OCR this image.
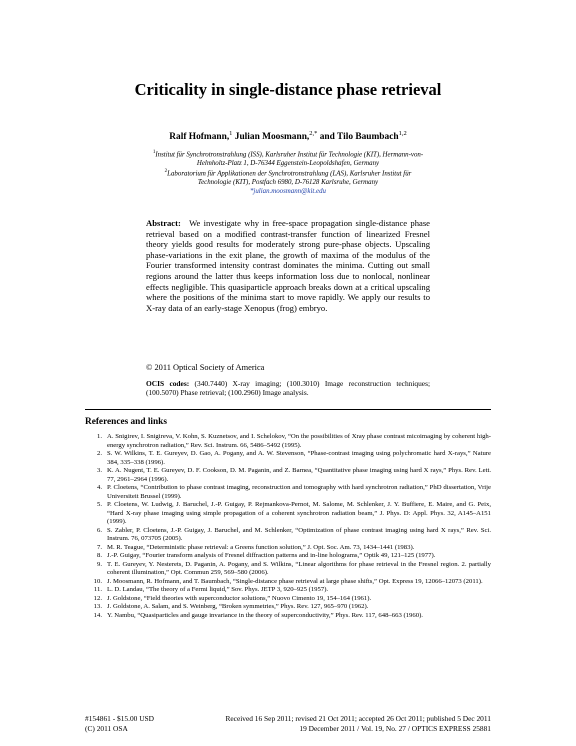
Criticality in single-distance phase retrieval
Ralf Hofmann,$^1$ Julian Moosmann,$^{2,*}$ and Tilo Baumbach$^{1,2}$
$^1$Institut für Synchrotronstrahlung (ISS), Karlsruher Institut für Technologie (KIT), Hermann-von-Helmholtz-Platz 1, D-76344 Eggenstein-Leopoldshafen, Germany
$^2$Laboratorium für Applikationen der Synchrotronstrahlung (LAS), Karlsruher Institut für Technologie (KIT), Postfach 6980, D-76128 Karlsruhe, Germany
*julian.moosmann@kit.edu
Abstract: We investigate why in free-space propagation single-distance phase retrieval based on a modified contrast-transfer function of linearized Fresnel theory yields good results for moderately strong pure-phase objects. Upscaling phase-variations in the exit plane, the growth of maxima of the modulus of the Fourier transformed intensity contrast dominates the minima. Cutting out small regions around the latter thus keeps information loss due to nonlocal, nonlinear effects negligible. This quasiparticle approach breaks down at a critical upscaling where the positions of the minima start to move rapidly. We apply our results to X-ray data of an early-stage Xenopus (frog) embryo.
© 2011 Optical Society of America
OCIS codes: (340.7440) X-ray imaging; (100.3010) Image reconstruction techniques; (100.5070) Phase retrieval; (100.2960) Image analysis.
References and links
1. A. Snigirev, I. Snigireva, V. Kohn, S. Kuznetsov, and I. Schelokov, “On the possibilities of Xray phase contrast micoimaging by coherent high-energy synchrotron radiation,” Rev. Sci. Instrum. 66, 5486–5492 (1995).
2. S. W. Wilkins, T. E. Gureyev, D. Gao, A. Pogany, and A. W. Stevenson, “Phase-contrast imaging using polychromatic hard X-rays,” Nature 384, 335–338 (1996).
3. K. A. Nugent, T. E. Gureyev, D. F. Cookson, D. M. Paganin, and Z. Barnea, “Quantitative phase imaging using hard X rays,” Phys. Rev. Lett. 77, 2961–2964 (1996).
4. P. Cloetens, “Contribution to phase contrast imaging, reconstruction and tomography with hard synchrotron radiation,” PhD dissertation, Vrije Universiteit Brussel (1999).
5. P. Cloetens, W. Ludwig, J. Baruchel, J.-P. Guigay, P. Rejmankova-Pernot, M. Salome, M. Schlenker, J. Y. Buffiere, E. Maire, and G. Peix, “Hard X-ray phase imaging using simple propagation of a coherent synchrotron radiation beam,” J. Phys. D: Appl. Phys. 32, A145–A151 (1999).
6. S. Zabler, P. Cloetens, J.-P. Guigay, J. Baruchel, and M. Schlenker, “Optimization of phase contrast imaging using hard X rays,” Rev. Sci. Instrum. 76, 073705 (2005).
7. M. R. Teague, “Deterministic phase retrieval: a Greens function solution,” J. Opt. Soc. Am. 73, 1434–1441 (1983).
8. J.-P. Guigay, “Fourier transform analysis of Fresnel diffraction patterns and in-line holograms,” Optik 49, 121–125 (1977).
9. T. E. Gureyev, Y. Nesterets, D. Paganin, A. Pogany, and S. Wilkins, “Linear algorithms for phase retrieval in the Fresnel region. 2. partially coherent illumination,” Opt. Commun 259, 569–580 (2006).
10. J. Moosmann, R. Hofmann, and T. Baumbach, “Single-distance phase retrieval at large phase shifts,” Opt. Express 19, 12066–12073 (2011).
11. L. D. Landau, “The theory of a Fermi liquid,” Sov. Phys. JETP 3, 920–925 (1957).
12. J. Goldstone, “Field theories with superconductor solutions,” Nuovo Cimento 19, 154–164 (1961).
13. J. Goldstone, A. Salam, and S. Weinberg, “Broken symmetries,” Phys. Rev. 127, 965–970 (1962).
14. Y. Nambu, “Quasiparticles and gauge invariance in the theory of superconductivity,” Phys. Rev. 117, 648–663 (1960).
#154861 - $15.00 USD	Received 16 Sep 2011; revised 21 Oct 2011; accepted 26 Oct 2011; published 5 Dec 2011
(C) 2011 OSA	19 December 2011 / Vol. 19, No. 27 / OPTICS EXPRESS 25881
